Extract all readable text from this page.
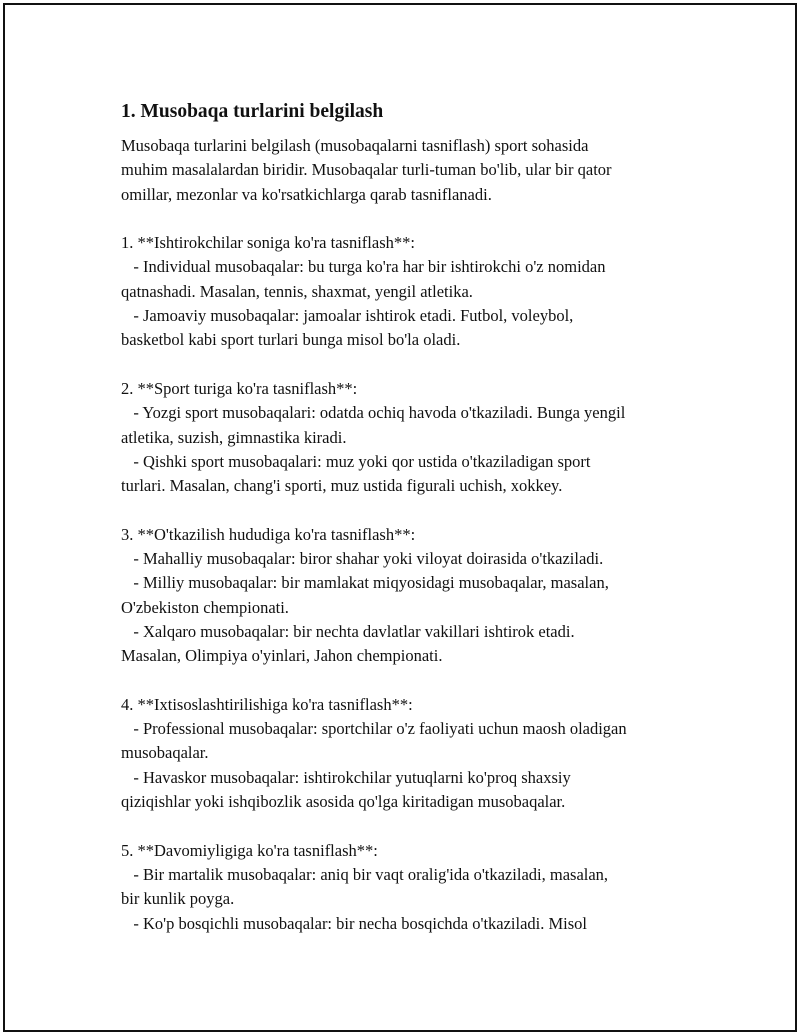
1. Musobaqa turlarini belgilash

Musobaqa turlarini belgilash (musobaqalarni tasniflash) sport sohasida

muhim masalalardan biridir. Musobaqalar turli-tuman bo'lib, ular bir qator

omillar, mezonlar va ko'rsatkichlarga qarab tasniflanadi.

1. **Ishtirokchilar soniga ko'ra tasniflash**:

- Individual musobaqalar: bu turga ko'ra har bir ishtirokchi o'z nomidan

qatnashadi. Masalan, tennis, shaxmat, yengil atletika.

- Jamoaviy musobaqalar: jamoalar ishtirok etadi. Futbol, voleybol,

basketbol kabi sport turlari bunga misol bo'la oladi.

2. **Sport turiga ko'ra tasniflash**:

- Yozgi sport musobaqalari: odatda ochiq havoda o'tkaziladi. Bunga yengil

atletika, suzish, gimnastika kiradi.

- Qishki sport musobaqalari: muz yoki qor ustida o'tkaziladigan sport

turlari. Masalan, chang'i sporti, muz ustida figurali uchish, xokkey.

3. **O'tkazilish hududiga ko'ra tasniflash**:

- Mahalliy musobaqalar: biror shahar yoki viloyat doirasida o'tkaziladi.

- Milliy musobaqalar: bir mamlakat miqyosidagi musobaqalar, masalan,

O'zbekiston chempionati.

- Xalqaro musobaqalar: bir nechta davlatlar vakillari ishtirok etadi.

Masalan, Olimpiya o'yinlari, Jahon chempionati.

4. **Ixtisoslashtirilishiga ko'ra tasniflash**:

- Professional musobaqalar: sportchilar o'z faoliyati uchun maosh oladigan

musobaqalar.

- Havaskor musobaqalar: ishtirokchilar yutuqlarni ko'proq shaxsiy

qiziqishlar yoki ishqibozlik asosida qo'lga kiritadigan musobaqalar.

5. **Davomiyligiga ko'ra tasniflash**:

- Bir martalik musobaqalar: aniq bir vaqt oralig'ida o'tkaziladi, masalan,

bir kunlik poyga.

- Ko'p bosqichli musobaqalar: bir necha bosqichda o'tkaziladi. Misol
